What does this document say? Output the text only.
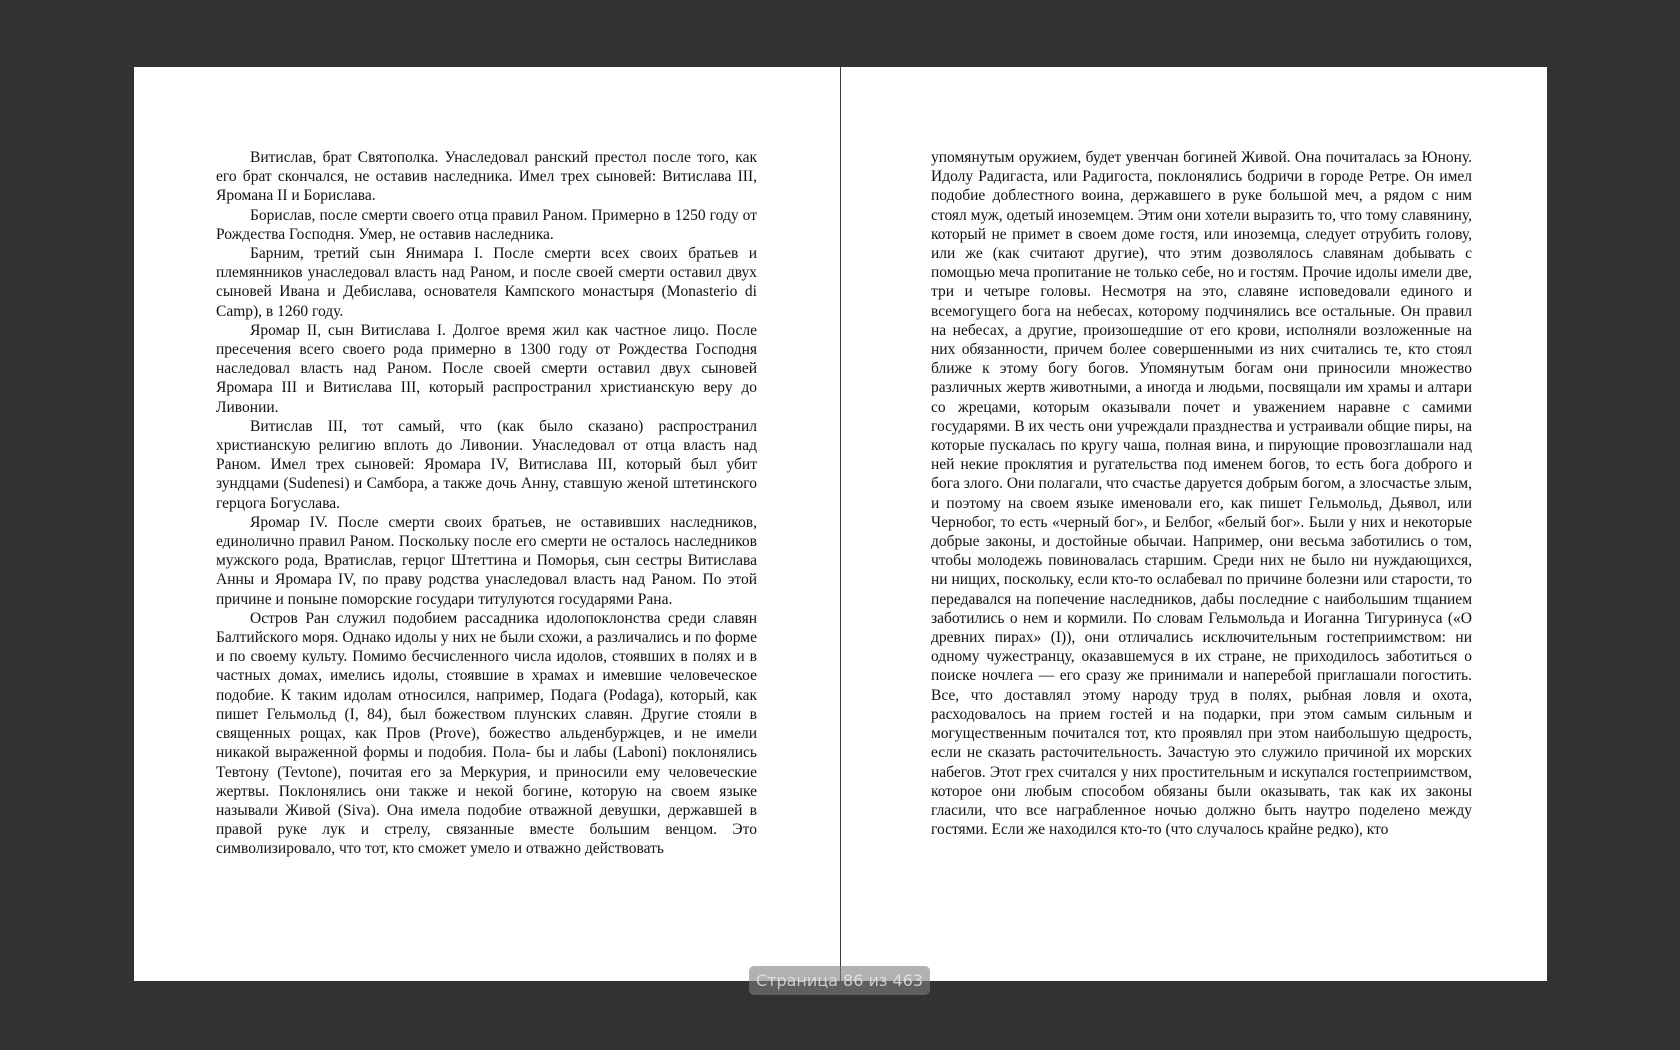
Витислав, брат Святополка. Унаследовал ранский престол после того, как его брат скончался, не оставив наследника. Имел трех сыновей: Витислава III, Яромана II и Борислава.

Борислав, после смерти своего отца правил Раном. Примерно в 1250 году от Рождества Господня. Умер, не оставив наследника.

Барним, третий сын Янимара I. После смерти всех своих братьев и племянников унаследовал власть над Раном, и после своей смерти оставил двух сыновей Ивана и Дебислава, основателя Кампского монастыря (Monasterio di Camp), в 1260 году.

Яромар II, сын Витислава I. Долгое время жил как частное лицо. После пресечения всего своего рода примерно в 1300 году от Рождества Господня наследовал власть над Раном. После своей смерти оставил двух сыновей Яромара III и Витислава III, который распространил христианскую веру до Ливонии.

Витислав III, тот самый, что (как было сказано) распространил христианскую религию вплоть до Ливонии. Унаследовал от отца власть над Раном. Имел трех сыновей: Яромара IV, Витислава III, который был убит зундцами (Sudenesi) и Самбора, а также дочь Анну, ставшую женой штетинского герцога Богуслава.

Яромар IV. После смерти своих братьев, не оставивших наследников, единолично правил Раном. Поскольку после его смерти не осталось наследников мужского рода, Вратислав, герцог Штеттина и Поморья, сын сестры Витислава Анны и Яромара IV, по праву родства унаследовал власть над Раном. По этой причине и поныне поморские государи титулуются государями Рана.

Остров Ран служил подобием рассадника идолопоклонства среди славян Балтийского моря. Однако идолы у них не были схожи, а различались и по форме и по своему культу. Помимо бесчисленного числа идолов, стоявших в полях и в частных домах, имелись идолы, стоявшие в храмах и имевшие человеческое подобие. К таким идолам относился, например, Подага (Podaga), который, как пишет Гельмольд (I, 84), был божеством плунских славян. Другие стояли в священных рощах, как Пров (Prove), божество альденбуржцев, и не имели никакой выраженной формы и подобия. Пола- бы и лабы (Laboni) поклонялись Тевтону (Tevtone), почитая его за Меркурия, и приносили ему человеческие жертвы. Поклонялись они также и некой богине, которую на своем языке называли Живой (Siva). Она имела подобие отважной девушки, державшей в правой руке лук и стрелу, связанные вместе большим венцом. Это символизировало, что тот, кто сможет умело и отважно действовать

упомянутым оружием, будет увенчан богиней Живой. Она почиталась за Юнону. Идолу Радигаста, или Радигоста, поклонялись бодричи в городе Ретре. Он имел подобие доблестного воина, державшего в руке большой меч, а рядом с ним стоял муж, одетый иноземцем. Этим они хотели выразить то, что тому славянину, который не примет в своем доме гостя, или иноземца, следует отрубить голову, или же (как считают другие), что этим дозволялось славянам добывать с помощью меча пропитание не только себе, но и гостям. Прочие идолы имели две, три и четыре головы. Несмотря на это, славяне исповедовали единого и всемогущего бога на небесах, которому подчинялись все остальные. Он правил на небесах, а другие, произошедшие от его крови, исполняли возложенные на них обязанности, причем более совершенными из них считались те, кто стоял ближе к этому богу богов. Упомянутым богам они приносили множество различных жертв животными, а иногда и людьми, посвящали им храмы и алтари со жрецами, которым оказывали почет и уважением наравне с самими государями. В их честь они учреждали празднества и устраивали общие пиры, на которые пускалась по кругу чаша, полная вина, и пирующие провозглашали над ней некие проклятия и ругательства под именем богов, то есть бога доброго и бога злого. Они полагали, что счастье даруется добрым богом, а злосчастье злым, и поэтому на своем языке именовали его, как пишет Гельмольд, Дьявол, или Чернобог, то есть «черный бог», и Белбог, «белый бог». Были у них и некоторые добрые законы, и достойные обычаи. Например, они весьма заботились о том, чтобы молодежь повиновалась старшим. Среди них не было ни нуждающихся, ни нищих, поскольку, если кто-то ослабевал по причине болезни или старости, то передавался на попечение наследников, дабы последние с наибольшим тщанием заботились о нем и кормили. По словам Гельмольда и Иоганна Тигуринуса («О древних пирах» (I)), они отличались исключительным гостеприимством: ни одному чужестранцу, оказавшемуся в их стране, не приходилось заботиться о поиске ночлега — его сразу же принимали и наперебой приглашали погостить. Все, что доставлял этому народу труд в полях, рыбная ловля и охота, расходовалось на прием гостей и на подарки, при этом самым сильным и могущественным почитался тот, кто проявлял при этом наибольшую щедрость, если не сказать расточительность. Зачастую это служило причиной их морских набегов. Этот грех считался у них простительным и искупался гостеприимством, которое они любым способом обязаны были оказывать, так как их законы гласили, что все награбленное ночью должно быть наутро поделено между гостями. Если же находился кто-то (что случалось крайне редко), кто

Страница 86 из 463
